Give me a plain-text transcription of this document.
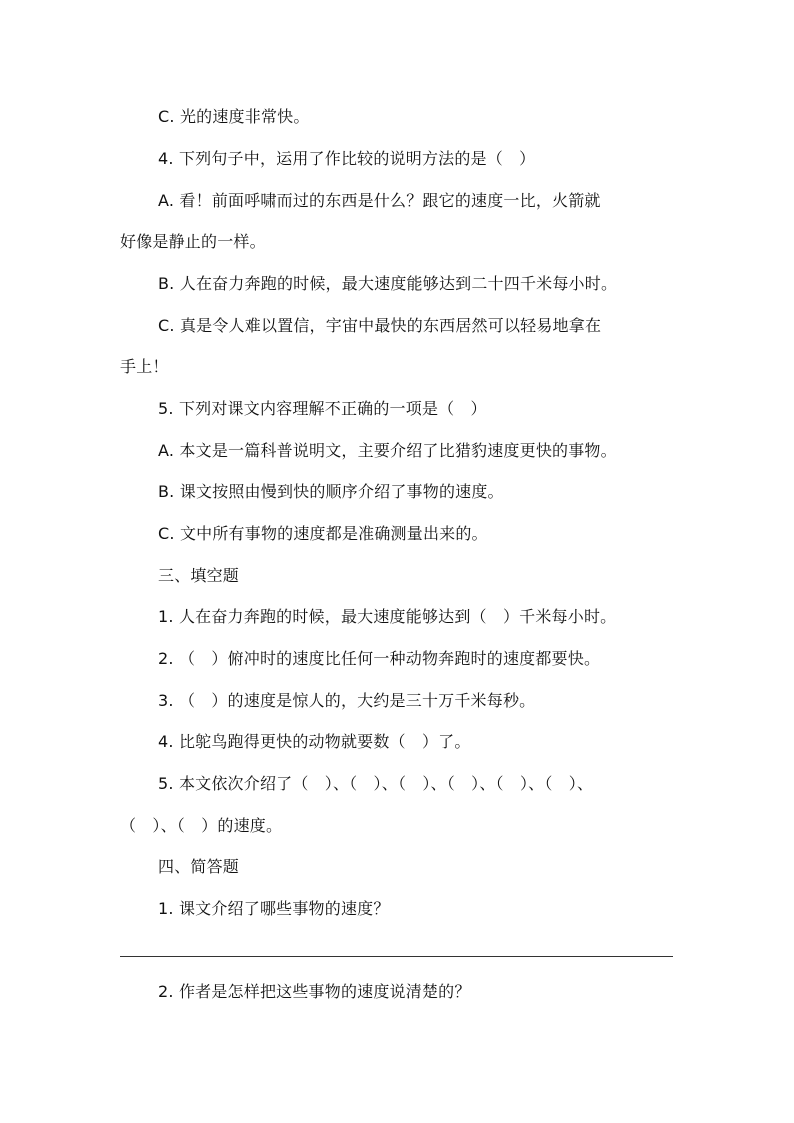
C. 光的速度非常快。
4. 下列句子中，运用了作比较的说明方法的是（　）
A. 看！前面呼啸而过的东西是什么？跟它的速度一比，火箭就
好像是静止的一样。
B. 人在奋力奔跑的时候，最大速度能够达到二十四千米每小时。
C. 真是令人难以置信，宇宙中最快的东西居然可以轻易地拿在
手上！
5. 下列对课文内容理解不正确的一项是（　）
A. 本文是一篇科普说明文，主要介绍了比猎豹速度更快的事物。
B. 课文按照由慢到快的顺序介绍了事物的速度。
C. 文中所有事物的速度都是准确测量出来的。
三、填空题
1. 人在奋力奔跑的时候，最大速度能够达到（　）千米每小时。
2. （　）俯冲时的速度比任何一种动物奔跑时的速度都要快。
3. （　）的速度是惊人的，大约是三十万千米每秒。
4. 比鸵鸟跑得更快的动物就要数（　）了。
5. 本文依次介绍了（　）、（　）、（　）、（　）、（　）、（　）、
（　）、（　）的速度。
四、简答题
1. 课文介绍了哪些事物的速度？
2. 作者是怎样把这些事物的速度说清楚的？
